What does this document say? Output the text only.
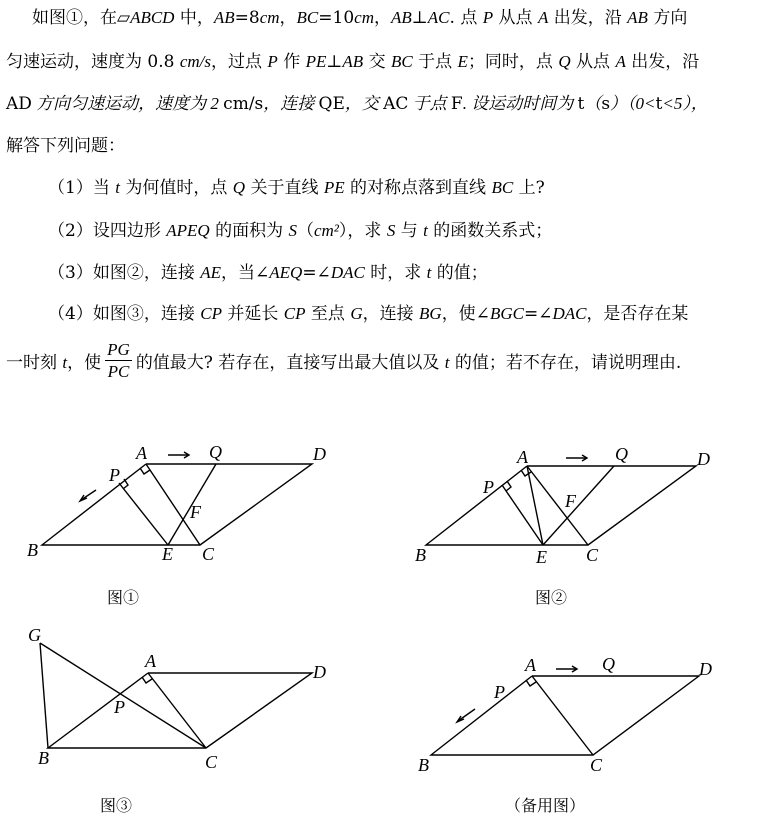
如图①，在▱ABCD 中，AB=8cm，BC=10cm，AB⊥AC. 点 P 从点 A 出发，沿 AB 方向
匀速运动，速度为 0.8 cm/s，过点 P 作 PE⊥AB 交 BC 于点 E；同时，点 Q 从点 A 出发，沿
AD 方向匀速运动，速度为 2 cm/s，连接 QE，交 AC 于点 F. 设运动时间为 t（s）（0<t<5），
解答下列问题：
（1）当 t 为何值时，点 Q 关于直线 PE 的对称点落到直线 BC 上?
（2）设四边形 APEQ 的面积为 S（cm²），求 S 与 t 的函数关系式；
（3）如图②，连接 AE，当∠AEQ=∠DAC 时，求 t 的值；
（4）如图③，连接 CP 并延长 CP 至点 G，连接 BG，使∠BGC=∠DAC，是否存在某
一时刻 t，使 $\frac{PG}{PC}$ 的值最大? 若存在，直接写出最大值以及 t 的值；若不存在，请说明理由.
A	Q	D
P
F
B	E C
图①
A	Q	D
P
F
B	E C
图②
G
A
D
P
B	C
图③
A	Q	D
P
B	C
（备用图）
